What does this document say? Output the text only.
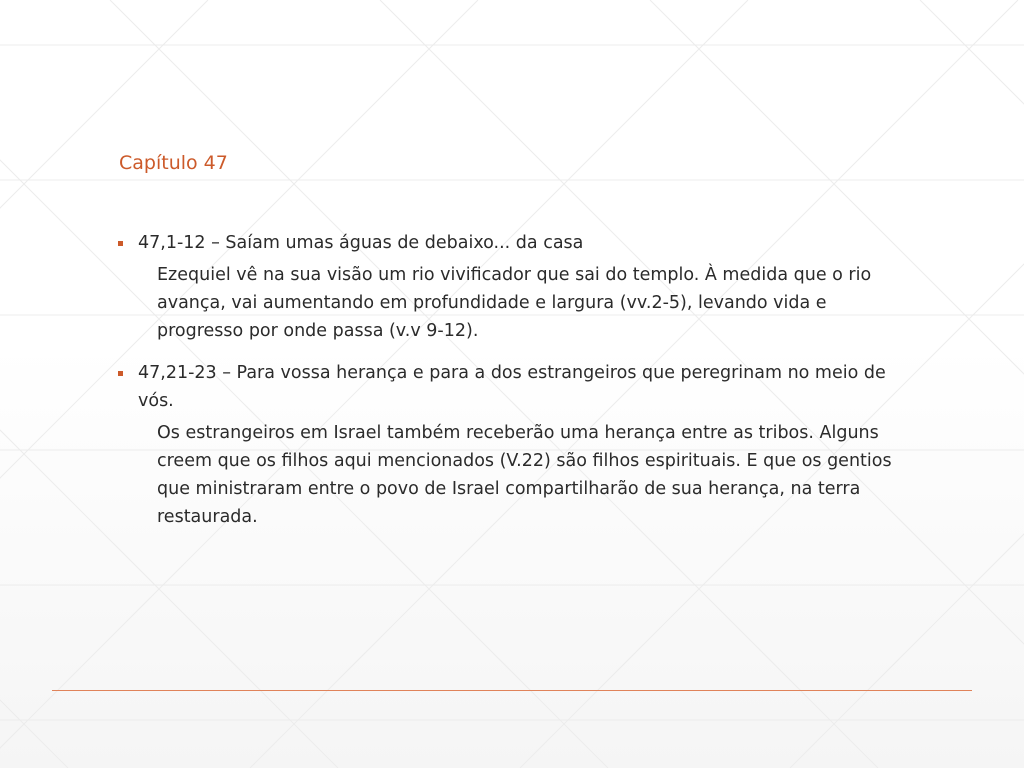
Capítulo 47
47,1-12 – Saíam umas águas de debaixo... da casa

Ezequiel vê na sua visão um rio vivificador que sai do templo. À medida que o rio avança, vai aumentando em profundidade e largura (vv.2-5), levando vida e progresso por onde passa (v.v 9-12).

47,21-23 – Para vossa herança e para a dos estrangeiros que peregrinam no meio de vós.

Os estrangeiros em Israel também receberão uma herança entre as tribos. Alguns creem que os filhos aqui mencionados (V.22) são filhos espirituais. E que os gentios que ministraram entre o povo de Israel compartilharão de sua herança, na terra restaurada.
